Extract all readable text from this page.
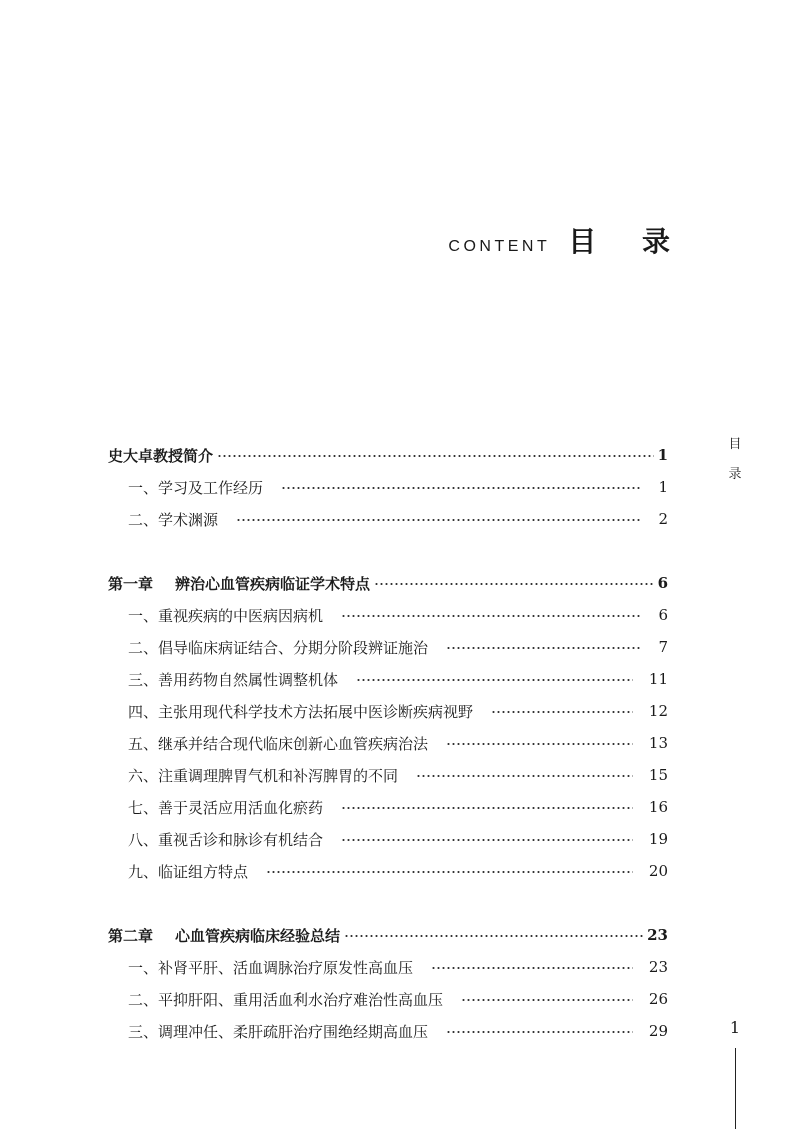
CONTENT 目 录
史大卓教授简介	1
一、学习及工作经历	1
二、学术渊源	2
第一章 辨治心血管疾病临证学术特点	6
一、重视疾病的中医病因病机	6
二、倡导临床病证结合、分期分阶段辨证施治	7
三、善用药物自然属性调整机体	11
四、主张用现代科学技术方法拓展中医诊断疾病视野	12
五、继承并结合现代临床创新心血管疾病治法	13
六、注重调理脾胃气机和补泻脾胃的不同	15
七、善于灵活应用活血化瘀药	16
八、重视舌诊和脉诊有机结合	19
九、临证组方特点	20
第二章 心血管疾病临床经验总结	23
一、补肾平肝、活血调脉治疗原发性高血压	23
二、平抑肝阳、重用活血利水治疗难治性高血压	26
三、调理冲任、柔肝疏肝治疗围绝经期高血压	29
目
录
1
